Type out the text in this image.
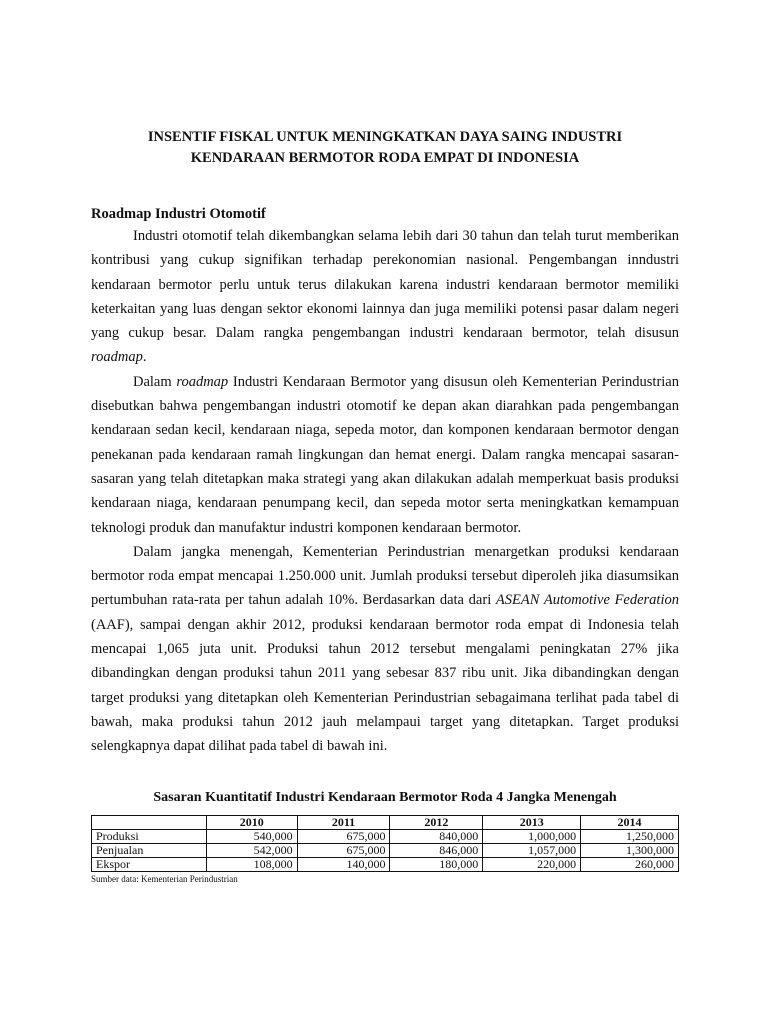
INSENTIF FISKAL UNTUK MENINGKATKAN DAYA SAING INDUSTRI
KENDARAAN BERMOTOR RODA EMPAT DI INDONESIA
Roadmap Industri Otomotif

Industri otomotif telah dikembangkan selama lebih dari 30 tahun dan telah turut memberikan kontribusi yang cukup signifikan terhadap perekonomian nasional. Pengembangan inndustri kendaraan bermotor perlu untuk terus dilakukan karena industri kendaraan bermotor memiliki keterkaitan yang luas dengan sektor ekonomi lainnya dan juga memiliki potensi pasar dalam negeri yang cukup besar. Dalam rangka pengembangan industri kendaraan bermotor, telah disusun roadmap.

Dalam roadmap Industri Kendaraan Bermotor yang disusun oleh Kementerian Perindustrian disebutkan bahwa pengembangan industri otomotif ke depan akan diarahkan pada pengembangan kendaraan sedan kecil, kendaraan niaga, sepeda motor, dan komponen kendaraan bermotor dengan penekanan pada kendaraan ramah lingkungan dan hemat energi. Dalam rangka mencapai sasaran-sasaran yang telah ditetapkan maka strategi yang akan dilakukan adalah memperkuat basis produksi kendaraan niaga, kendaraan penumpang kecil, dan sepeda motor serta meningkatkan kemampuan teknologi produk dan manufaktur industri komponen kendaraan bermotor.

Dalam jangka menengah, Kementerian Perindustrian menargetkan produksi kendaraan bermotor roda empat mencapai 1.250.000 unit. Jumlah produksi tersebut diperoleh jika diasumsikan pertumbuhan rata-rata per tahun adalah 10%. Berdasarkan data dari ASEAN Automotive Federation (AAF), sampai dengan akhir 2012, produksi kendaraan bermotor roda empat di Indonesia telah mencapai 1,065 juta unit. Produksi tahun 2012 tersebut mengalami peningkatan 27% jika dibandingkan dengan produksi tahun 2011 yang sebesar 837 ribu unit. Jika dibandingkan dengan target produksi yang ditetapkan oleh Kementerian Perindustrian sebagaimana terlihat pada tabel di bawah, maka produksi tahun 2012 jauh melampaui target yang ditetapkan. Target produksi selengkapnya dapat dilihat pada tabel di bawah ini.

Sasaran Kuantitatif Industri Kendaraan Bermotor Roda 4 Jangka Menengah
	2010	2011	2012	2013	2014
Produksi	540,000	675,000	840,000	1,000,000	1,250,000
Penjualan	542,000	675,000	846,000	1,057,000	1,300,000
Ekspor	108,000	140,000	180,000	220,000	260,000
Sumber data: Kementerian Perindustrian
